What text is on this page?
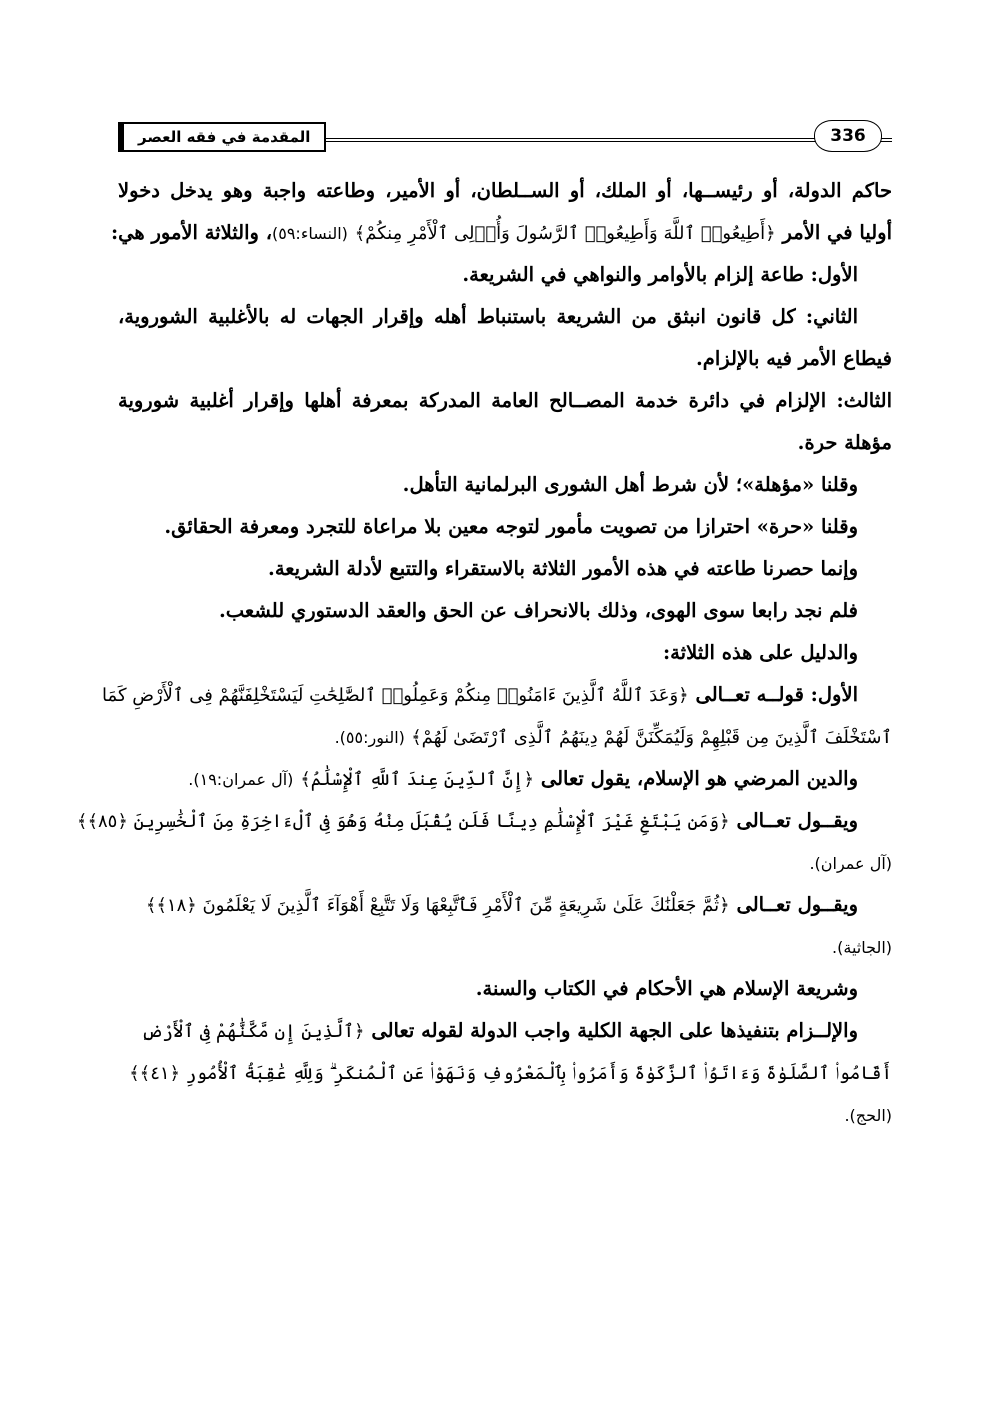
المقدمة في فقه العصر	336
حاكم الدولة، أو رئيســها، أو الملك، أو الســلطان، أو الأمير، وطاعته واجبة وهو يدخل دخولا
أوليا في الأمر ﴿أَطِيعُوا۟ ٱللَّهَ وَأَطِيعُوا۟ ٱلرَّسُولَ وَأُو۟لِى ٱلْأَمْرِ مِنكُمْ﴾ (النساء:٥٩)، والثلاثة الأمور هي:
الأول: طاعة إلزام بالأوامر والنواهي في الشريعة.
الثاني: كل قانون انبثق من الشريعة باستنباط أهله وإقرار الجهات له بالأغلبية الشوروية،
فيطاع الأمر فيه بالإلزام.
الثالث: الإلزام في دائرة خدمة المصــالح العامة المدركة بمعرفة أهلها وإقرار أغلبية شوروية
مؤهلة حرة.
وقلنا «مؤهلة»؛ لأن شرط أهل الشورى البرلمانية التأهل.
وقلنا «حرة» احترازا من تصويت مأمور لتوجه معين بلا مراعاة للتجرد ومعرفة الحقائق.
وإنما حصرنا طاعته في هذه الأمور الثلاثة بالاستقراء والتتبع لأدلة الشريعة.
فلم نجد رابعا سوى الهوى، وذلك بالانحراف عن الحق والعقد الدستوري للشعب.
والدليل على هذه الثلاثة:
الأول: قولــه تعــالى ﴿وَعَدَ ٱللَّهُ ٱلَّذِينَ ءَامَنُوا۟ مِنكُمْ وَعَمِلُوا۟ ٱلصَّٰلِحَٰتِ لَيَسْتَخْلِفَنَّهُمْ فِى ٱلْأَرْضِ كَمَا
ٱسْتَخْلَفَ ٱلَّذِينَ مِن قَبْلِهِمْ وَلَيُمَكِّنَنَّ لَهُمْ دِينَهُمُ ٱلَّذِى ٱرْتَضَىٰ لَهُمْ﴾ (النور:٥٥).
والدين المرضي هو الإسلام، يقول تعالى ﴿إِنَّ ٱلدِّينَ عِندَ ٱللَّهِ ٱلْإِسْلَٰمُ﴾ (آل عمران:١٩).
ويقــول تعــالى ﴿وَمَن يَبْتَغِ غَيْرَ ٱلْإِسْلَٰمِ دِينًا فَلَن يُقْبَلَ مِنْهُ وَهُوَ فِى ٱلْءَاخِرَةِ مِنَ ٱلْخَٰسِرِينَ ﴿٨٥﴾﴾
(آل عمران).
ويقــول تعــالى ﴿ثُمَّ جَعَلْنَٰكَ عَلَىٰ شَرِيعَةٍ مِّنَ ٱلْأَمْرِ فَٱتَّبِعْهَا وَلَا تَتَّبِعْ أَهْوَآءَ ٱلَّذِينَ لَا يَعْلَمُونَ ﴿١٨﴾﴾
(الجاثية).
وشريعة الإسلام هي الأحكام في الكتاب والسنة.
والإلــزام بتنفيذها على الجهة الكلية واجب الدولة لقوله تعالى ﴿ٱلَّذِينَ إِن مَّكَّنَّٰهُمْ فِى ٱلْأَرْضِ
أَقَامُوا۟ ٱلصَّلَوٰةَ وَءَاتَوُا۟ ٱلزَّكَوٰةَ وَأَمَرُوا۟ بِٱلْمَعْرُوفِ وَنَهَوْا۟ عَنِ ٱلْمُنكَرِ ۗ وَلِلَّهِ عَٰقِبَةُ ٱلْأُمُورِ ﴿٤١﴾﴾
(الحج).
